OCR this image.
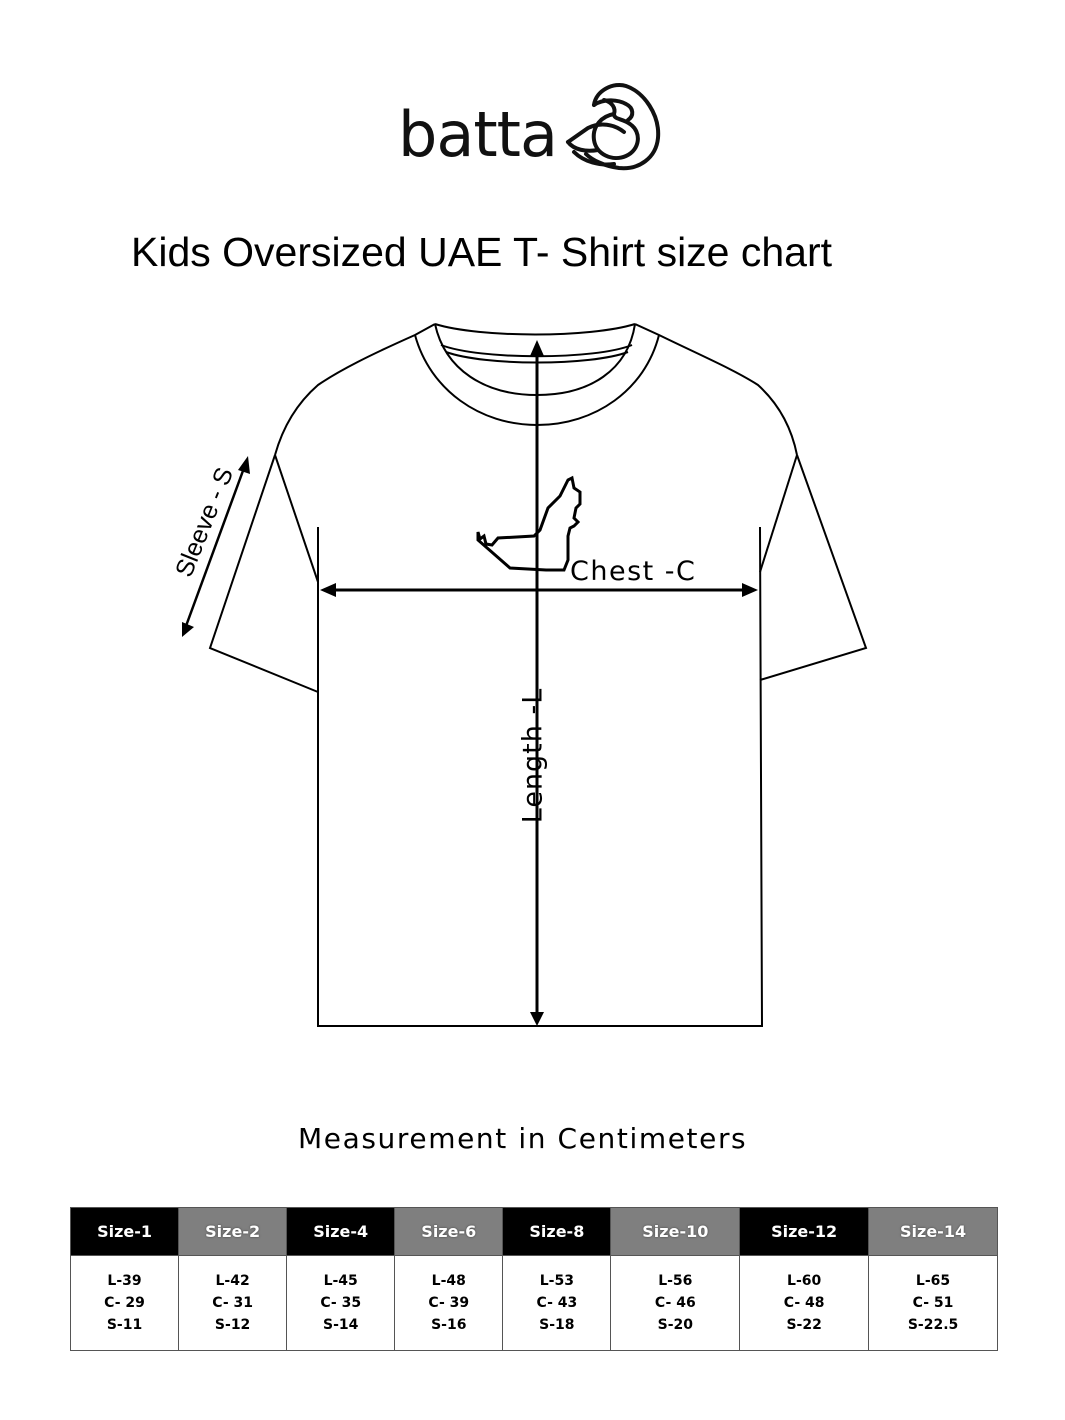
batta
Kids Oversized UAE T- Shirt size chart
Chest -C
Length -L
Sleeve - S
Measurement in Centimeters
Size-1	Size-2	Size-4	Size-6	Size-8	Size-10	Size-12	Size-14

L-39
C- 29
S-11

L-42
C- 31
S-12

L-45
C- 35
S-14

L-48
C- 39
S-16

L-53
C- 43
S-18

L-56
C- 46
S-20

L-60
C- 48
S-22

L-65
C- 51
S-22.5
